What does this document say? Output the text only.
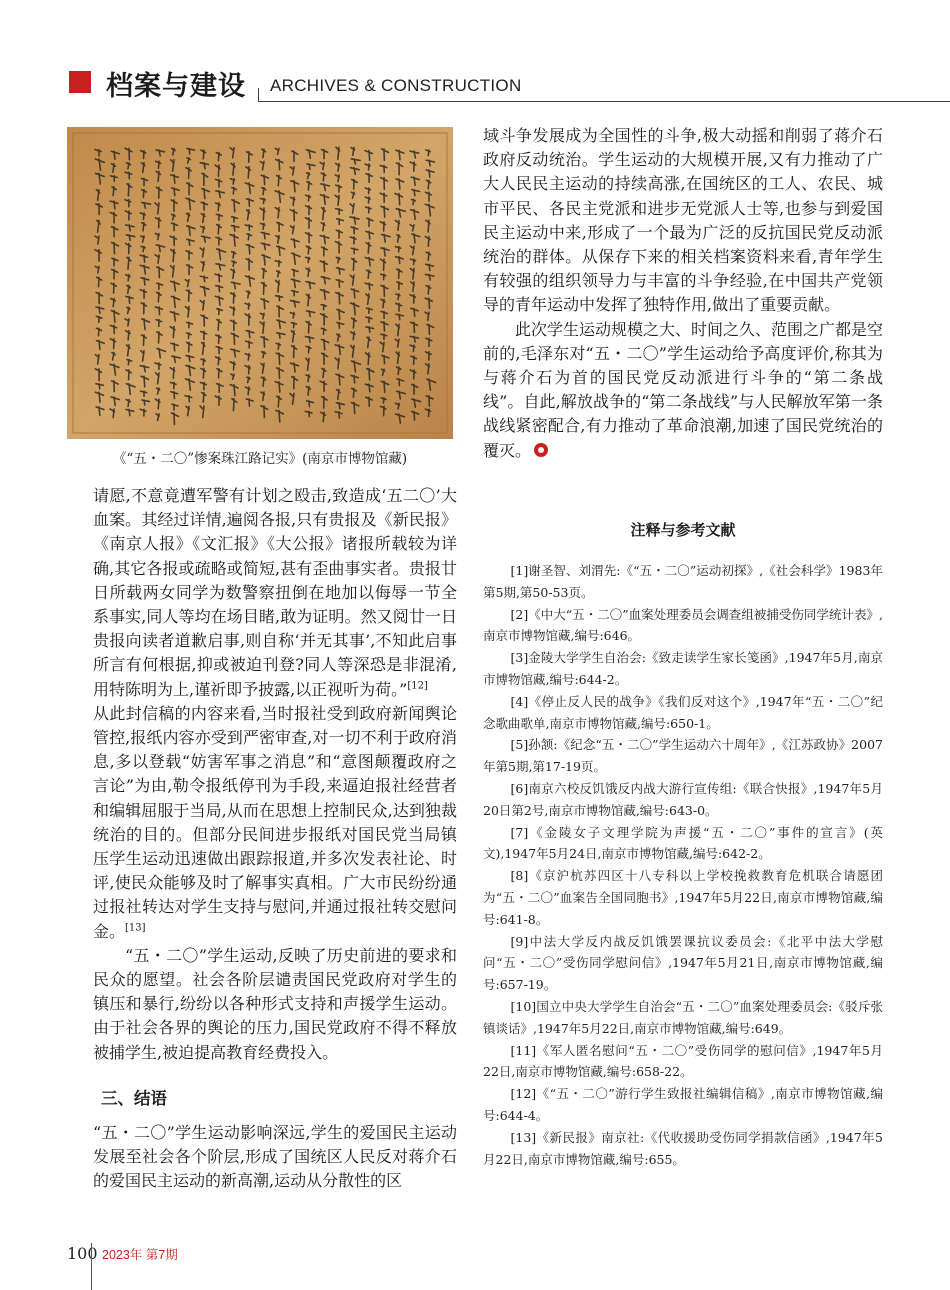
档案与建设 ARCHIVES & CONSTRUCTION
《“五・二〇”惨案珠江路记实》(南京市博物馆藏)

请愿,不意竟遭军警有计划之殴击,致造成‘五二〇’大血案。其经过详情,遍阅各报,只有贵报及《新民报》《南京人报》《文汇报》《大公报》诸报所载较为详确,其它各报或疏略或简短,甚有歪曲事实者。贵报廿日所载两女同学为数警察扭倒在地加以侮辱一节全系事实,同人等均在场目睹,敢为证明。然又阅廿一日贵报向读者道歉启事,则自称‘并无其事’,不知此启事所言有何根据,抑或被迫刊登?同人等深恐是非混淆,用特陈明为上,谨祈即予披露,以正视听为荷。”[12]

从此封信稿的内容来看,当时报社受到政府新闻舆论管控,报纸内容亦受到严密审查,对一切不利于政府消息,多以登载“妨害军事之消息”和“意图颠覆政府之言论”为由,勒令报纸停刊为手段,来逼迫报社经营者和编辑屈服于当局,从而在思想上控制民众,达到独裁统治的目的。但部分民间进步报纸对国民党当局镇压学生运动迅速做出跟踪报道,并多次发表社论、时评,使民众能够及时了解事实真相。广大市民纷纷通过报社转达对学生支持与慰问,并通过报社转交慰问金。[13]

“五・二〇”学生运动,反映了历史前进的要求和民众的愿望。社会各阶层谴责国民党政府对学生的镇压和暴行,纷纷以各种形式支持和声援学生运动。由于社会各界的舆论的压力,国民党政府不得不释放被捕学生,被迫提高教育经费投入。

三、结语

“五・二〇”学生运动影响深远,学生的爱国民主运动发展至社会各个阶层,形成了国统区人民反对蒋介石的爱国民主运动的新高潮,运动从分散性的区

域斗争发展成为全国性的斗争,极大动摇和削弱了蒋介石政府反动统治。学生运动的大规模开展,又有力推动了广大人民民主运动的持续高涨,在国统区的工人、农民、城市平民、各民主党派和进步无党派人士等,也参与到爱国民主运动中来,形成了一个最为广泛的反抗国民党反动派统治的群体。从保存下来的相关档案资料来看,青年学生有较强的组织领导力与丰富的斗争经验,在中国共产党领导的青年运动中发挥了独特作用,做出了重要贡献。

此次学生运动规模之大、时间之久、范围之广都是空前的,毛泽东对“五・二〇”学生运动给予高度评价,称其为与蒋介石为首的国民党反动派进行斗争的“第二条战线”。自此,解放战争的“第二条战线”与人民解放军第一条战线紧密配合,有力推动了革命浪潮,加速了国民党统治的覆灭。

注释与参考文献

[1]谢圣智、刘渭先:《“五・二〇”运动初探》,《社会科学》1983年第5期,第50-53页。

[2]《中大“五・二〇”血案处理委员会调查组被捕受伤同学统计表》,南京市博物馆藏,编号:646。

[3]金陵大学学生自治会:《致走读学生家长笺函》,1947年5月,南京市博物馆藏,编号:644-2。

[4]《停止反人民的战争》《我们反对这个》,1947年“五・二〇”纪念歌曲歌单,南京市博物馆藏,编号:650-1。

[5]孙颔:《纪念“五・二〇”学生运动六十周年》,《江苏政协》2007年第5期,第17-19页。

[6]南京六校反饥饿反内战大游行宣传组:《联合快报》,1947年5月20日第2号,南京市博物馆藏,编号:643-0。

[7]《金陵女子文理学院为声援“五・二〇”事件的宣言》(英文),1947年5月24日,南京市博物馆藏,编号:642-2。

[8]《京沪杭苏四区十八专科以上学校挽救教育危机联合请愿团为“五・二〇”血案告全国同胞书》,1947年5月22日,南京市博物馆藏,编号:641-8。

[9]中法大学反内战反饥饿罢课抗议委员会:《北平中法大学慰问“五・二〇”受伤同学慰问信》,1947年5月21日,南京市博物馆藏,编号:657-19。

[10]国立中央大学学生自治会“五・二〇”血案处理委员会:《驳斥张镇谈话》,1947年5月22日,南京市博物馆藏,编号:649。

[11]《军人匿名慰问“五・二〇”受伤同学的慰问信》,1947年5月22日,南京市博物馆藏,编号:658-22。

[12]《“五・二〇”游行学生致报社编辑信稿》,南京市博物馆藏,编号:644-4。

[13]《新民报》南京社:《代收援助受伤同学捐款信函》,1947年5月22日,南京市博物馆藏,编号:655。

100 2023年 第7期
